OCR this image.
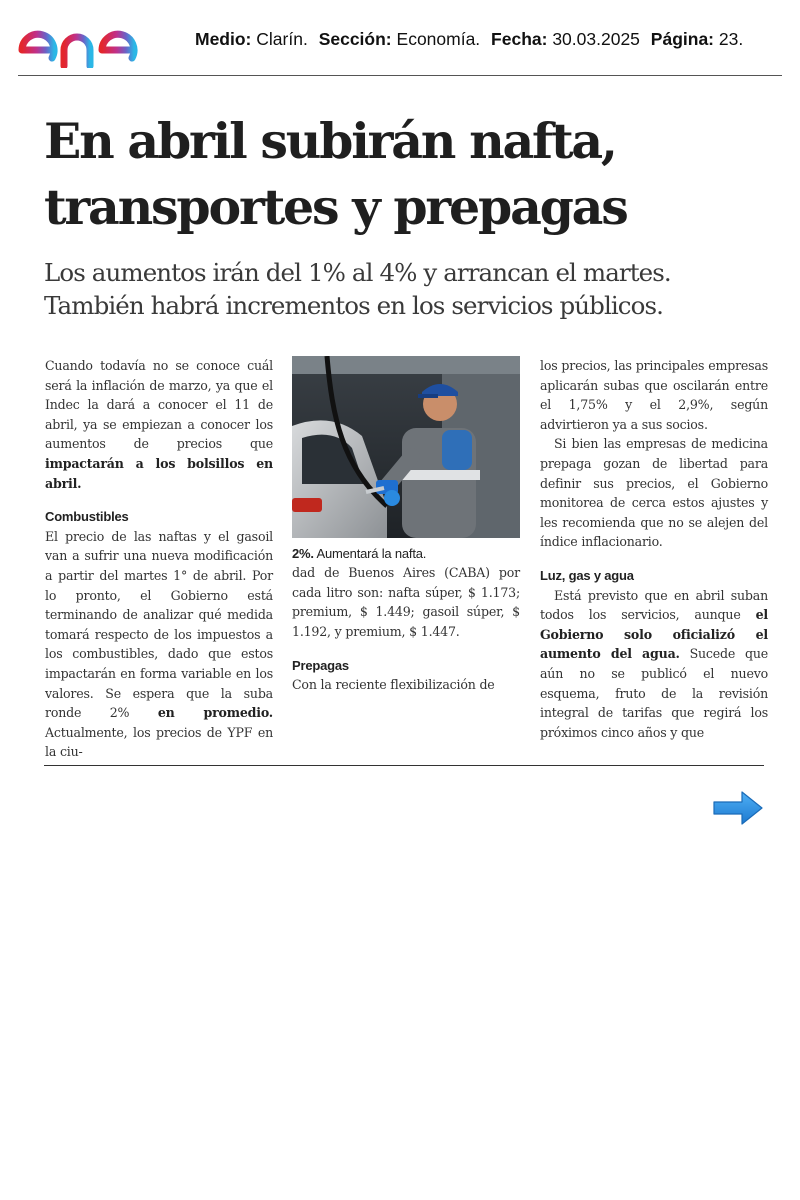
Medio: Clarín. Sección: Economía. Fecha: 30.03.2025 Página: 23.
En abril subirán nafta,
transportes y prepagas
Los aumentos irán del 1% al 4% y arrancan el martes.
También habrá incrementos en los servicios públicos.

Cuando todavía no se conoce cuál será la inflación de marzo, ya que el Indec la dará a conocer el 11 de abril, ya se empiezan a conocer los aumentos de precios que impactarán a los bolsillos en abril.

Combustibles

El precio de las naftas y el gasoil van a sufrir una nueva modificación a partir del martes 1° de abril. Por lo pronto, el Gobierno está terminando de analizar qué medida tomará respecto de los impuestos a los combustibles, dado que estos impactarán en forma variable en los valores. Se espera que la suba ronde 2% en promedio. Actualmente, los precios de YPF en la ciu-

2%. Aumentará la nafta.

dad de Buenos Aires (CABA) por cada litro son: nafta súper, $ 1.173; premium, $ 1.449; gasoil súper, $ 1.192, y premium, $ 1.447.

Prepagas

Con la reciente flexibilización de

los precios, las principales empresas aplicarán subas que oscilarán entre el 1,75% y el 2,9%, según advirtieron ya a sus socios.

Si bien las empresas de medicina prepaga gozan de libertad para definir sus precios, el Gobierno monitorea de cerca estos ajustes y les recomienda que no se alejen del índice inflacionario.

Luz, gas y agua

Está previsto que en abril suban todos los servicios, aunque el Gobierno solo oficializó el aumento del agua. Sucede que aún no se publicó el nuevo esquema, fruto de la revisión integral de tarifas que regirá los próximos cinco años y que
